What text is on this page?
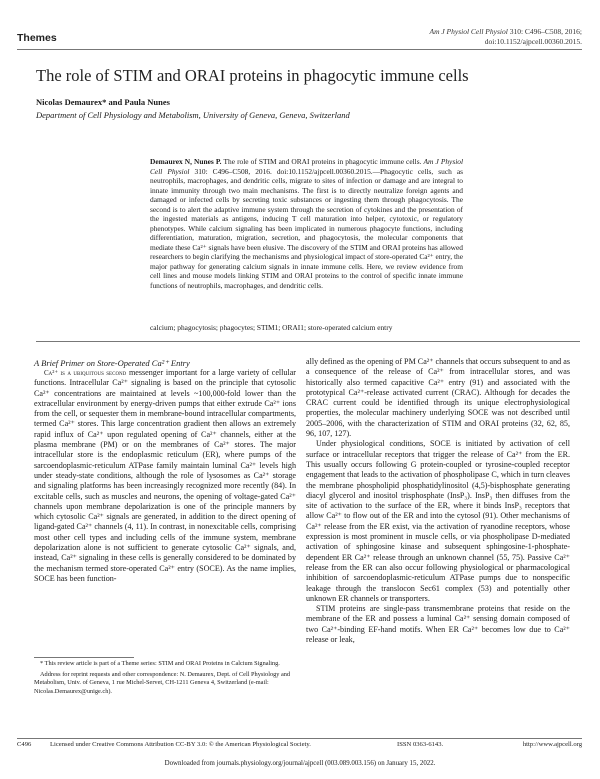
Themes
Am J Physiol Cell Physiol 310: C496–C508, 2016;
doi:10.1152/ajpcell.00360.2015.
The role of STIM and ORAI proteins in phagocytic immune cells
Nicolas Demaurex* and Paula Nunes
Department of Cell Physiology and Metabolism, University of Geneva, Geneva, Switzerland
Demaurex N, Nunes P. The role of STIM and ORAI proteins in phagocytic immune cells. Am J Physiol Cell Physiol 310: C496–C508, 2016. doi:10.1152/ajpcell.00360.2015.—Phagocytic cells, such as neutrophils, macrophages, and dendritic cells, migrate to sites of infection or damage and are integral to innate immunity through two main mechanisms. The first is to directly neutralize foreign agents and damaged or infected cells by secreting toxic substances or ingesting them through phagocytosis. The second is to alert the adaptive immune system through the secretion of cytokines and the presentation of the ingested materials as antigens, inducing T cell maturation into helper, cytotoxic, or regulatory phenotypes. While calcium signaling has been implicated in numerous phagocyte functions, including differentiation, maturation, migration, secretion, and phagocytosis, the molecular components that mediate these Ca²⁺ signals have been elusive. The discovery of the STIM and ORAI proteins has allowed researchers to begin clarifying the mechanisms and physiological impact of store-operated Ca²⁺ entry, the major pathway for generating calcium signals in innate immune cells. Here, we review evidence from cell lines and mouse models linking STIM and ORAI proteins to the control of specific innate immune functions of neutrophils, macrophages, and dendritic cells.
calcium; phagocytosis; phagocytes; STIM1; ORAI1; store-operated calcium entry
A Brief Primer on Store-Operated Ca²⁺ Entry

Ca²⁺ is a ubiquitous second messenger important for a large variety of cellular functions. Intracellular Ca²⁺ signaling is based on the principle that cytosolic Ca²⁺ concentrations are maintained at levels ~100,000-fold lower than the extracellular environment by energy-driven pumps that either extrude Ca²⁺ ions from the cell, or sequester them in membrane-bound intracellular compartments, termed Ca²⁺ stores. This large concentration gradient then allows an extremely rapid influx of Ca²⁺ upon regulated opening of Ca²⁺ channels, either at the plasma membrane (PM) or on the membranes of Ca²⁺ stores. The major intracellular store is the endoplasmic reticulum (ER), where pumps of the sarcoendoplasmic-reticulum ATPase family maintain luminal Ca²⁺ levels high under steady-state conditions, although the role of lysosomes as Ca²⁺ storage and signaling platforms has been increasingly recognized more recently (84). In excitable cells, such as muscles and neurons, the opening of voltage-gated Ca²⁺ channels upon membrane depolarization is one of the principle manners by which cytosolic Ca²⁺ signals are generated, in addition to the direct opening of ligand-gated Ca²⁺ channels (4, 11). In contrast, in nonexcitable cells, comprising most other cell types and including cells of the immune system, membrane depolarization alone is not sufficient to generate cytosolic Ca²⁺ signals, and, instead, Ca²⁺ signaling in these cells is generally considered to be dominated by the mechanism termed store-operated Ca²⁺ entry (SOCE). As the name implies, SOCE has been function-

ally defined as the opening of PM Ca²⁺ channels that occurs subsequent to and as a consequence of the release of Ca²⁺ from intracellular stores, and was historically also termed capacitive Ca²⁺ entry (91) and associated with the prototypical Ca²⁺-release activated current (CRAC). Although for decades the CRAC current could be identified through its unique electrophysiological properties, the molecular machinery underlying SOCE was not described until 2005–2006, with the characterization of STIM and ORAI proteins (32, 62, 85, 96, 107, 127).

Under physiological conditions, SOCE is initiated by activation of cell surface or intracellular receptors that trigger the release of Ca²⁺ from the ER. This usually occurs following G protein-coupled or tyrosine-coupled receptor engagement that leads to the activation of phospholipase C, which in turn cleaves the membrane phospholipid phosphatidylinositol (4,5)-bisphosphate generating diacyl glycerol and inositol trisphosphate (InsP₃). InsP₃ then diffuses from the site of activation to the surface of the ER, where it binds InsP₃ receptors that allow Ca²⁺ to flow out of the ER and into the cytosol (91). Other mechanisms of Ca²⁺ release from the ER exist, via the activation of ryanodine receptors, whose expression is most prominent in muscle cells, or via phospholipase D-mediated activation of sphingosine kinase and subsequent sphingosine-1-phosphate-dependent ER Ca²⁺ release through an unknown channel (55, 75). Passive Ca²⁺ release from the ER can also occur following physiological or pharmacological inhibition of sarcoendoplasmic-reticulum ATPase pumps due to nonspecific leakage through the translocon Sec61 complex (53) and potentially other unknown ER channels or transporters.

STIM proteins are single-pass transmembrane proteins that reside on the membrane of the ER and possess a luminal Ca²⁺ sensing domain composed of two Ca²⁺-binding EF-hand motifs. When ER Ca²⁺ becomes low due to Ca²⁺ release or leak,

* This review article is part of a Theme series: STIM and ORAI Proteins in Calcium Signaling.

Address for reprint requests and other correspondence: N. Demaurex, Dept. of Cell Physiology and Metabolism, Univ. of Geneva, 1 rue Michel-Servet, CH-1211 Geneva 4, Switzerland (e-mail: Nicolas.Demaurex@unige.ch).

C496	Licensed under Creative Commons Attribution CC-BY 3.0: © the American Physiological Society.	ISSN 0363-6143.	http://www.ajpcell.org
Downloaded from journals.physiology.org/journal/ajpcell (003.089.003.156) on January 15, 2022.
